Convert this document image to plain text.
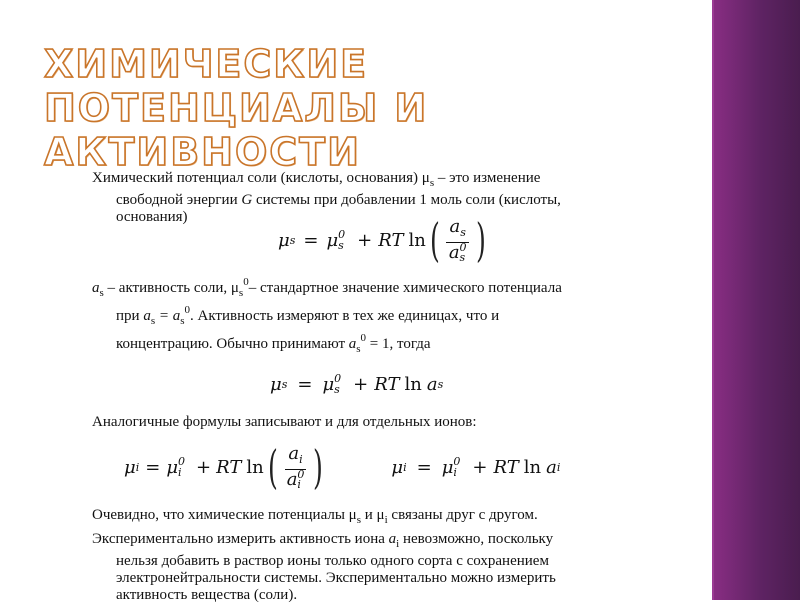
ХИМИЧЕСКИЕ ПОТЕНЦИАЛЫ И АКТИВНОСТИ
Химический потенциал соли (кислоты, основания) $\mu_s$ – это изменение
свободной энергии G системы при добавлении 1 моль соли (кислоты,
основания)
μ s = μ 0
s + RT ln ( $a_s$
a 0
s )
$a_s$ – активность соли, $\mu_s^0-$ стандартное значение химического потенциала
при $a_s = a_s^0$. Активность измеряют в тех же единицах, что и
концентрацию. Обычно принимают $a_s^0 = 1$, тогда
μ s = μ 0
s + RT ln a s
Аналогичные формулы записывают и для отдельных ионов:
μ i = μ 0
i + RT ln ( $a_i$
a 0
i )	μ i = μ 0
i + RT ln a i
Очевидно, что химические потенциалы $\mu_s$ и $\mu_i$ связаны друг с другом.
Экспериментально измерить активность иона $a_i$ невозможно, поскольку
нельзя добавить в раствор ионы только одного сорта с сохранением
электронейтральности системы. Экспериментально можно измерить
активность вещества (соли).
